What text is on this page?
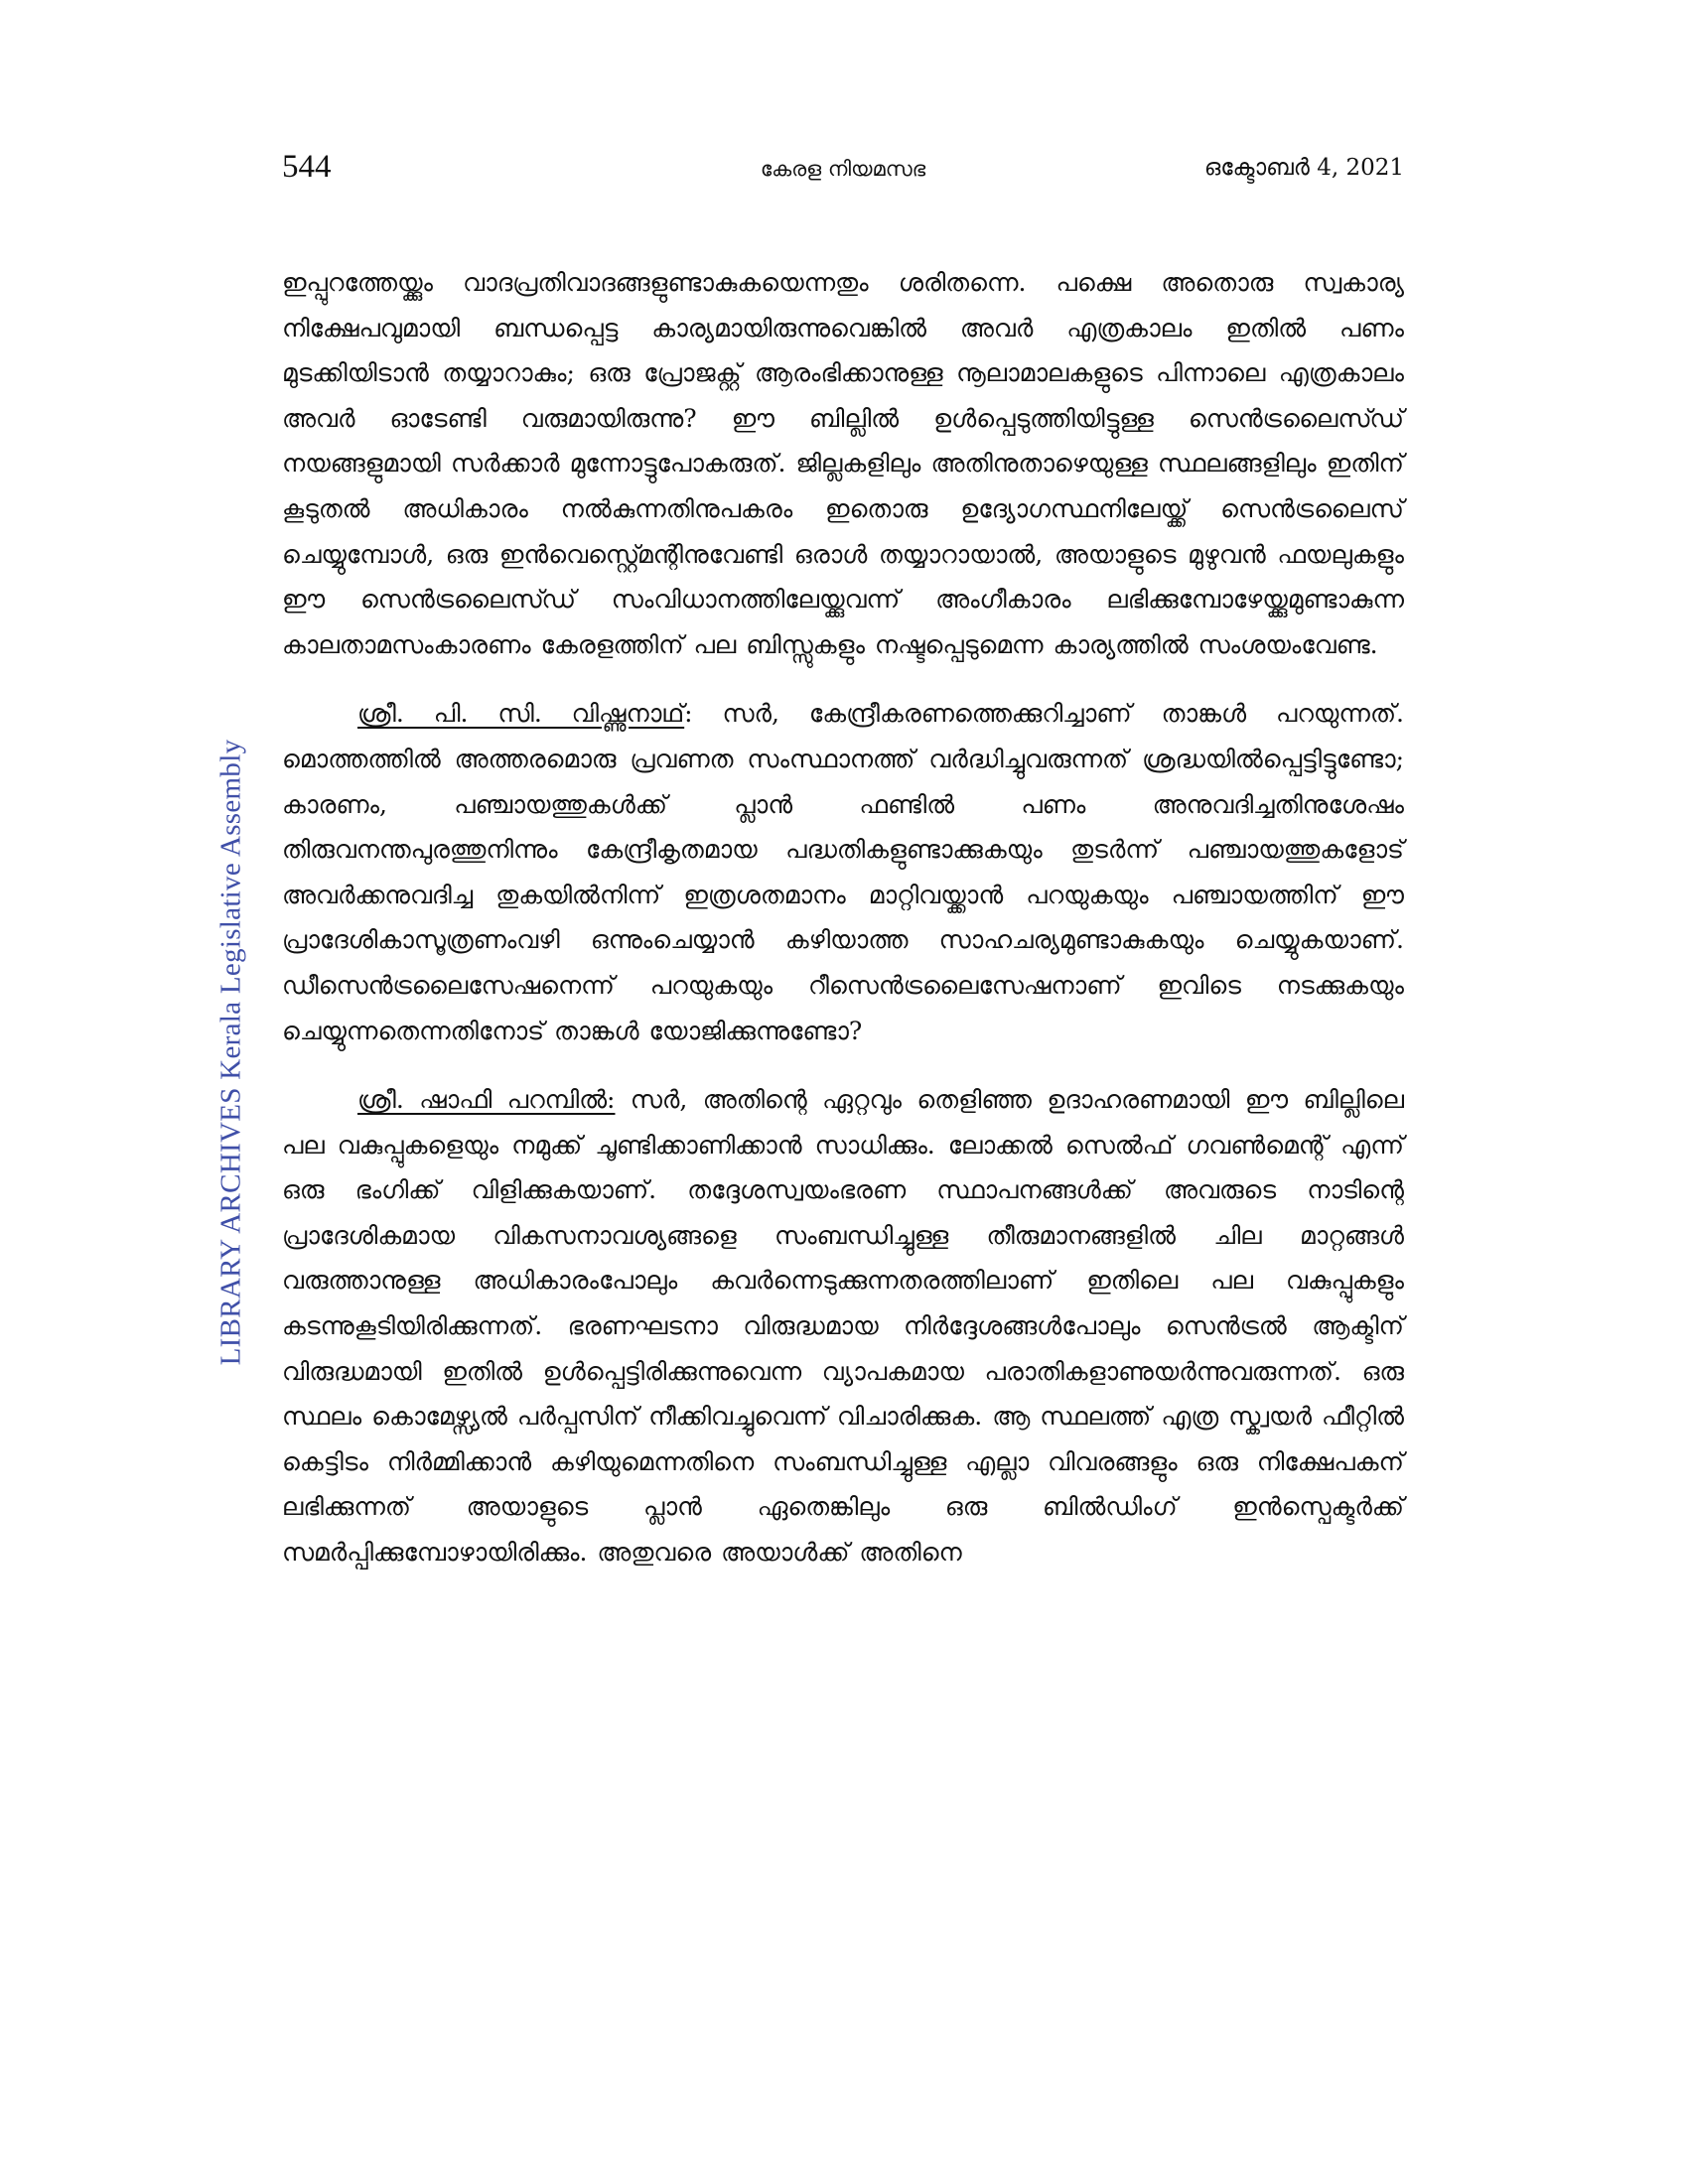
544	കേരള നിയമസഭ	ഒക്ടോബർ 4, 2021
LIBRARY ARCHIVES Kerala Legislative Assembly

ഇപ്പുറത്തേയ്ക്കും വാദപ്രതിവാദങ്ങളുണ്ടാകുകയെന്നതും ശരിതന്നെ. പക്ഷെ അതൊരു സ്വകാര്യ നിക്ഷേപവുമായി ബന്ധപ്പെട്ട കാര്യമായിരുന്നുവെങ്കിൽ അവർ എത്രകാലം ഇതിൽ പണം മുടക്കിയിടാൻ തയ്യാറാകും; ഒരു പ്രോജക്റ്റ് ആരംഭിക്കാനുള്ള നൂലാമാലകളുടെ പിന്നാലെ എത്രകാലം അവർ ഓടേണ്ടി വരുമായിരുന്നു? ഈ ബില്ലിൽ ഉൾപ്പെടുത്തിയിട്ടുള്ള സെൻട്രലൈസ്ഡ് നയങ്ങളുമായി സർക്കാർ മുന്നോട്ടുപോകരുത്. ജില്ലകളിലും അതിനുതാഴെയുള്ള സ്ഥലങ്ങളിലും ഇതിന് കൂടുതൽ അധികാരം നൽകുന്നതിനുപകരം ഇതൊരു ഉദ്യോഗസ്ഥനിലേയ്ക്ക് സെൻട്രലൈസ് ചെയ്യുമ്പോൾ, ഒരു ഇൻവെസ്റ്റ്മെന്റിനുവേണ്ടി ഒരാൾ തയ്യാറായാൽ, അയാളുടെ മുഴുവൻ ഫയലുകളും ഈ സെൻട്രലൈസ്ഡ് സംവിധാനത്തിലേയ്ക്കുവന്ന് അംഗീകാരം ലഭിക്കുമ്പോഴേയ്ക്കുമുണ്ടാകുന്ന കാലതാമസംകാരണം കേരളത്തിന് പല ബിസ്സുകളും നഷ്ടപ്പെടുമെന്ന കാര്യത്തിൽ സംശയംവേണ്ട.

ശ്രീ. പി. സി. വിഷ്ണുനാഥ്: സർ, കേന്ദ്രീകരണത്തെക്കുറിച്ചാണ് താങ്കൾ പറയുന്നത്. മൊത്തത്തിൽ അത്തരമൊരു പ്രവണത സംസ്ഥാനത്ത് വർദ്ധിച്ചുവരുന്നത് ശ്രദ്ധയിൽപ്പെട്ടിട്ടുണ്ടോ; കാരണം, പഞ്ചായത്തുകൾക്ക് പ്ലാൻ ഫണ്ടിൽ പണം അനുവദിച്ചതിനുശേഷം തിരുവനന്തപുരത്തുനിന്നും കേന്ദ്രീകൃതമായ പദ്ധതികളുണ്ടാക്കുകയും തുടർന്ന് പഞ്ചായത്തുകളോട് അവർക്കനുവദിച്ച തുകയിൽനിന്ന് ഇത്രശതമാനം മാറ്റിവയ്ക്കാൻ പറയുകയും പഞ്ചായത്തിന് ഈ പ്രാദേശികാസൂത്രണംവഴി ഒന്നുംചെയ്യാൻ കഴിയാത്ത സാഹചര്യമുണ്ടാകുകയും ചെയ്യുകയാണ്. ഡീസെൻട്രലൈസേഷനെന്ന് പറയുകയും റീസെൻട്രലൈസേഷനാണ് ഇവിടെ നടക്കുകയും ചെയ്യുന്നതെന്നതിനോട് താങ്കൾ യോജിക്കുന്നുണ്ടോ?

ശ്രീ. ഷാഫി പറമ്പിൽ: സർ, അതിന്റെ ഏറ്റവും തെളിഞ്ഞ ഉദാഹരണമായി ഈ ബില്ലിലെ പല വകുപ്പുകളെയും നമുക്ക് ചൂണ്ടിക്കാണിക്കാൻ സാധിക്കും. ലോക്കൽ സെൽഫ് ഗവൺമെന്റ് എന്ന് ഒരു ഭംഗിക്ക് വിളിക്കുകയാണ്. തദ്ദേശസ്വയംഭരണ സ്ഥാപനങ്ങൾക്ക് അവരുടെ നാടിന്റെ പ്രാദേശികമായ വികസനാവശ്യങ്ങളെ സംബന്ധിച്ചുള്ള തീരുമാനങ്ങളിൽ ചില മാറ്റങ്ങൾ വരുത്താനുള്ള അധികാരംപോലും കവർന്നെടുക്കുന്നതരത്തിലാണ് ഇതിലെ പല വകുപ്പുകളും കടന്നുകൂടിയിരിക്കുന്നത്. ഭരണഘടനാ വിരുദ്ധമായ നിർദ്ദേശങ്ങൾപോലും സെൻട്രൽ ആക്ടിന് വിരുദ്ധമായി ഇതിൽ ഉൾപ്പെട്ടിരിക്കുന്നുവെന്ന വ്യാപകമായ പരാതികളാണുയർന്നുവരുന്നത്. ഒരു സ്ഥലം കൊമേഴ്സ്യൽ പർപ്പസിന് നീക്കിവച്ചുവെന്ന് വിചാരിക്കുക. ആ സ്ഥലത്ത് എത്ര സ്ക്വയർ ഫീറ്റിൽ കെട്ടിടം നിർമ്മിക്കാൻ കഴിയുമെന്നതിനെ സംബന്ധിച്ചുള്ള എല്ലാ വിവരങ്ങളും ഒരു നിക്ഷേപകന് ലഭിക്കുന്നത് അയാളുടെ പ്ലാൻ ഏതെങ്കിലും ഒരു ബിൽഡിംഗ് ഇൻസ്പെക്ടർക്ക് സമർപ്പിക്കുമ്പോഴായിരിക്കും. അതുവരെ അയാൾക്ക് അതിനെ
